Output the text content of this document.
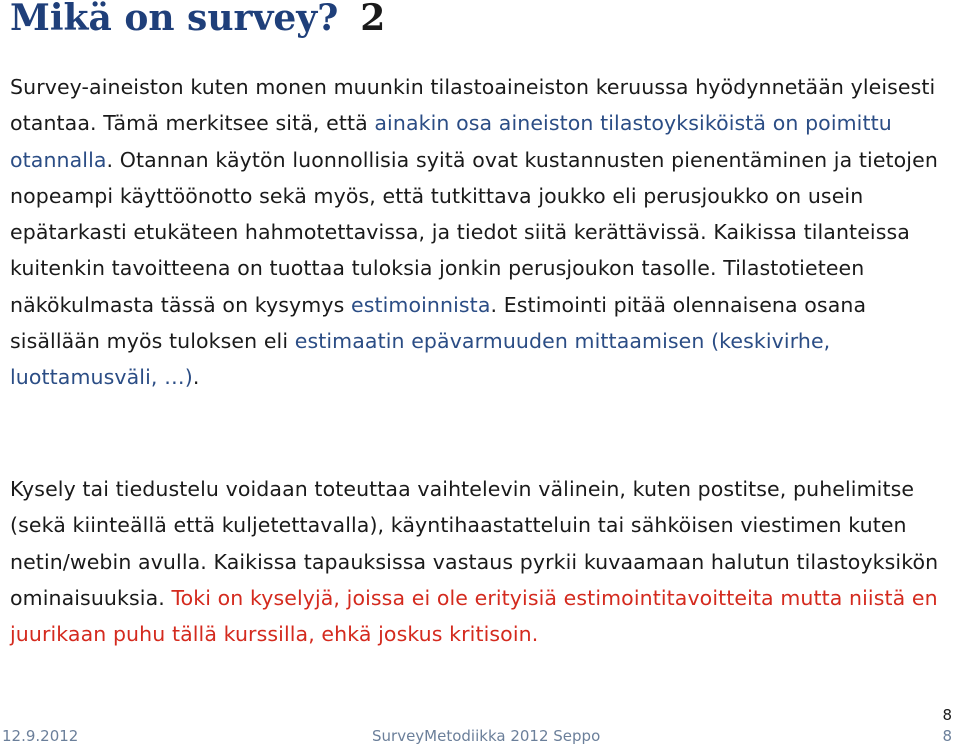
Mikä on survey? 2

Survey-aineiston kuten monen muunkin tilastoaineiston keruussa hyödynnetään yleisesti otantaa. Tämä merkitsee sitä, että ainakin osa aineiston tilastoyksiköistä on poimittu otannalla. Otannan käytön luonnollisia syitä ovat kustannusten pienentäminen ja tietojen nopeampi käyttöönotto sekä myös, että tutkittava joukko eli perusjoukko on usein epätarkasti etukäteen hahmotettavissa, ja tiedot siitä kerättävissä. Kaikissa tilanteissa kuitenkin tavoitteena on tuottaa tuloksia jonkin perusjoukon tasolle. Tilastotieteen näkökulmasta tässä on kysymys estimoinnista. Estimointi pitää olennaisena osana sisällään myös tuloksen eli estimaatin epävarmuuden mittaamisen (keskivirhe, luottamusväli, …).

Kysely tai tiedustelu voidaan toteuttaa vaihtelevin välinein, kuten postitse, puhelimitse (sekä kiinteällä että kuljetettavalla), käyntihaastatteluin tai sähköisen viestimen kuten netin/webin avulla. Kaikissa tapauksissa vastaus pyrkii kuvaamaan halutun tilastoyksikön ominaisuuksia. Toki on kyselyjä, joissa ei ole erityisiä estimointitavoitteita mutta niistä en juurikaan puhu tällä kurssilla, ehkä joskus kritisoin.

12.9.2012	SurveyMetodiikka 2012 Seppo
8
8
